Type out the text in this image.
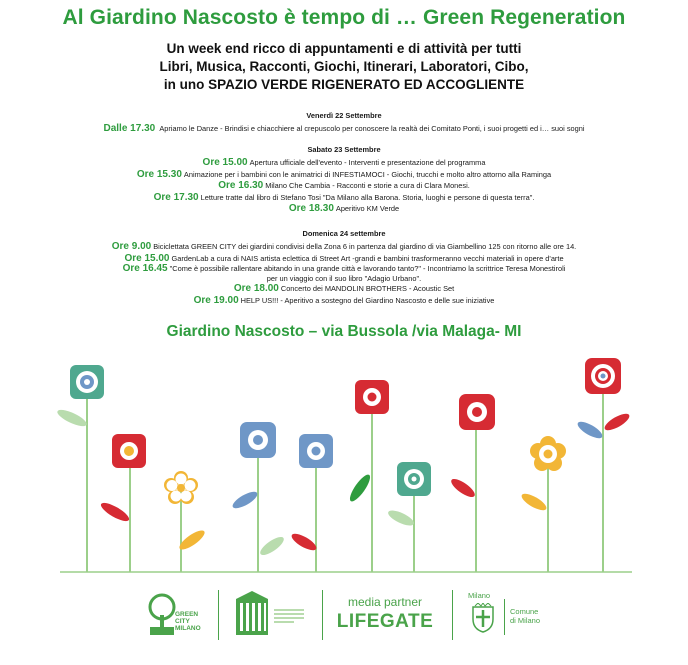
Al Giardino Nascosto è tempo di … Green Regeneration
Un week end ricco di appuntamenti e di attività per tutti
Libri, Musica, Racconti, Giochi, Itinerari, Laboratori, Cibo,
in uno SPAZIO VERDE RIGENERATO ED ACCOGLIENTE
Venerdì 22 Settembre
Dalle 17.30 Apriamo le Danze - Brindisi e chiacchiere al crepuscolo per conoscere la realtà dei Comitato Ponti, i suoi progetti ed i… suoi sogni
Sabato 23 Settembre
Ore 15.00 Apertura ufficiale dell'evento - Interventi e presentazione del programma
Ore 15.30 Animazione per i bambini con le animatrici di INFESTIAMOCI - Giochi, trucchi e molto altro attorno alla Raminga
Ore 16.30 Milano Che Cambia - Racconti e storie a cura di Clara Monesi.
Ore 17.30 Letture tratte dal libro di Stefano Tosi "Da Milano alla Barona. Storia, luoghi e persone di questa terra".
Ore 18.30 Aperitivo KM Verde
Domenica 24 settembre
Ore 9.00 Biciclettata GREEN CITY dei giardini condivisi della Zona 6 in partenza dal giardino di via Giambellino 125 con ritorno alle ore 14.
Ore 15.00 GardenLab a cura di NAIS artista eclettica di Street Art -grandi e bambini trasformeranno vecchi materiali in opere d'arte
Ore 16.45 "Come è possibile rallentare abitando in una grande città e lavorando tanto?" - Incontriamo la scrittrice Teresa Monestiroli
per un viaggio con il suo libro "Adagio Urbano".
Ore 18.00 Concerto dei MANDOLIN BROTHERS - Acoustic Set
Ore 19.00 HELP US!!! - Aperitivo a sostegno del Giardino Nascosto e delle sue iniziative
Giardino Nascosto – via Bussola /via Malaga- MI
GREEN
CITY
MILANO
media partner
LIFEGATE
Milano
Comune
di Milano
